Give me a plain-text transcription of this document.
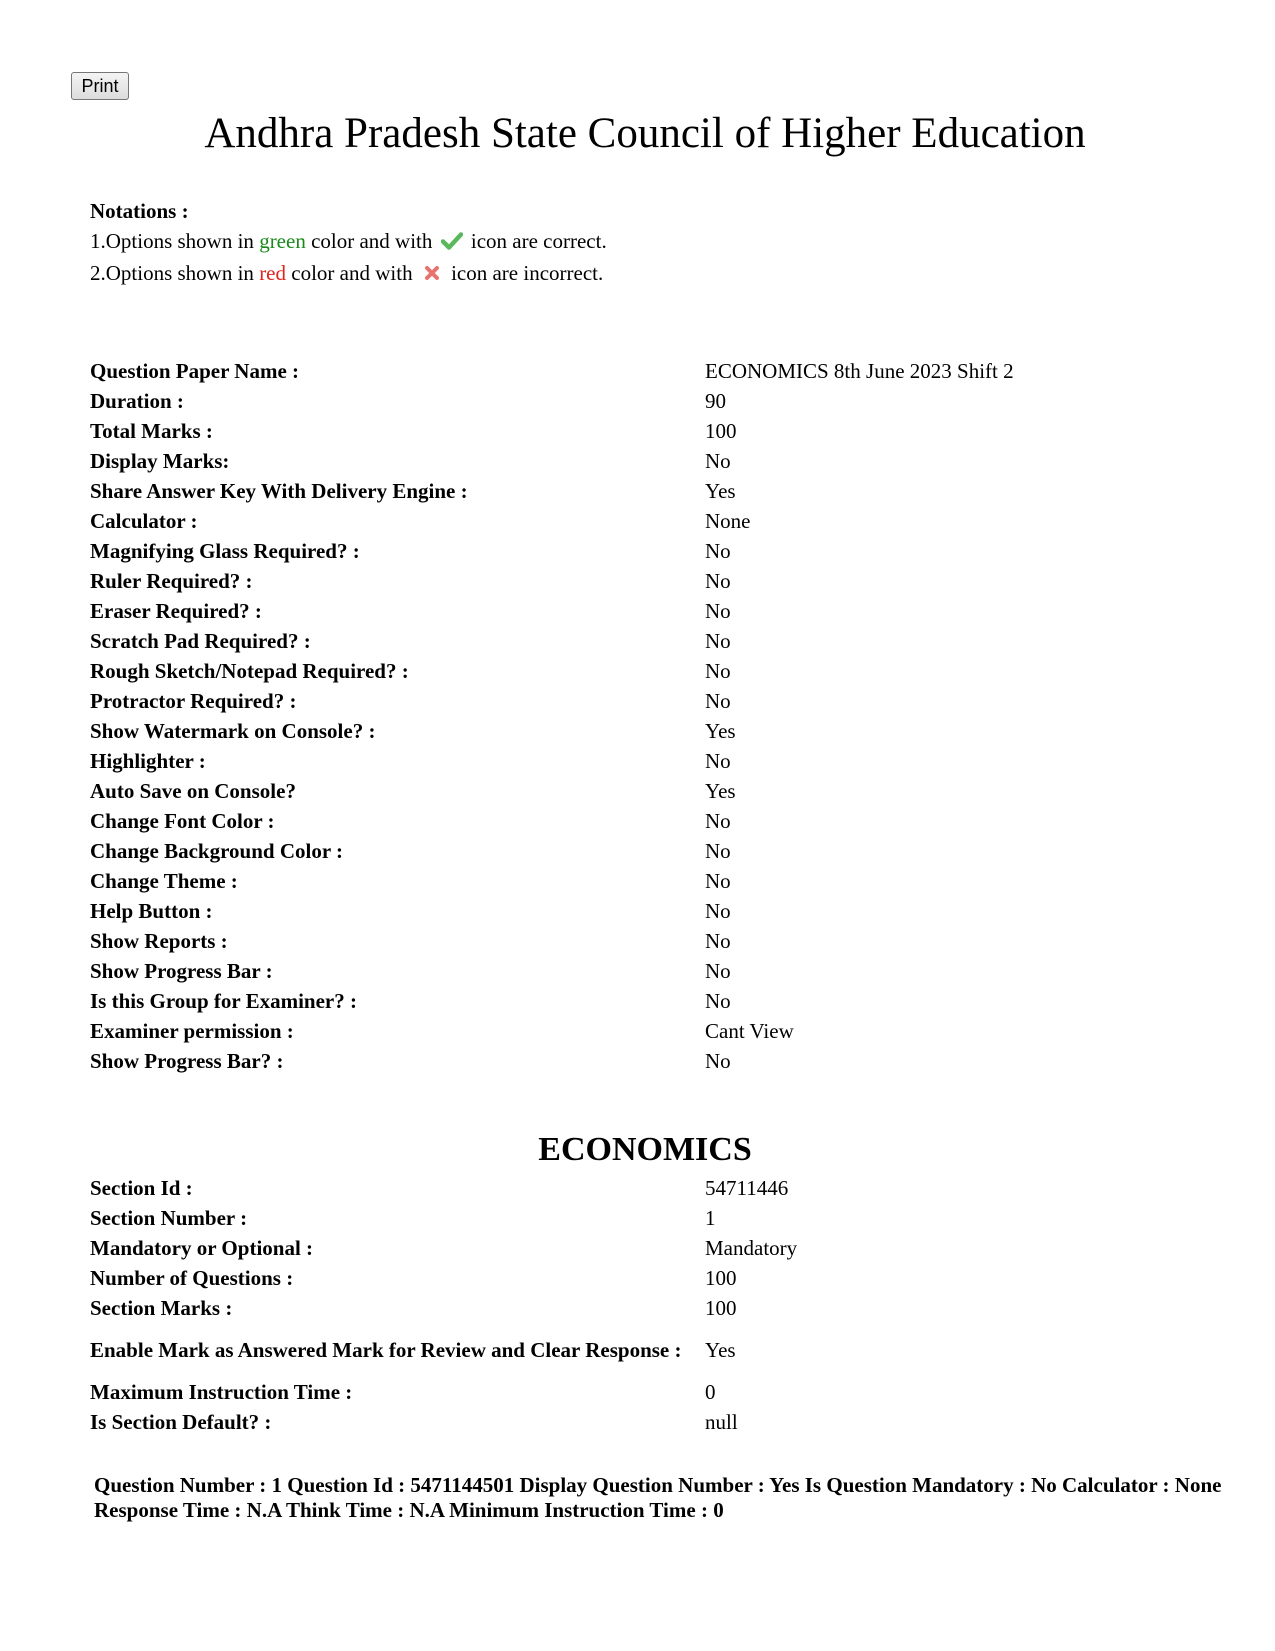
Print
Andhra Pradesh State Council of Higher Education
Notations :
1.Options shown in green color and with  icon are correct.
2.Options shown in red color and with  icon are incorrect.
Question Paper Name :	ECONOMICS 8th June 2023 Shift 2
Duration :	90
Total Marks :	100
Display Marks:	No
Share Answer Key With Delivery Engine :	Yes
Calculator :	None
Magnifying Glass Required? :	No
Ruler Required? :	No
Eraser Required? :	No
Scratch Pad Required? :	No
Rough Sketch/Notepad Required? :	No
Protractor Required? :	No
Show Watermark on Console? :	Yes
Highlighter :	No
Auto Save on Console?	Yes
Change Font Color :	No
Change Background Color :	No
Change Theme :	No
Help Button :	No
Show Reports :	No
Show Progress Bar :	No
Is this Group for Examiner? :	No
Examiner permission :	Cant View
Show Progress Bar? :	No
ECONOMICS
Section Id :	54711446
Section Number :	1
Mandatory or Optional :	Mandatory
Number of Questions :	100
Section Marks :	100
Enable Mark as Answered Mark for Review and Clear Response :	Yes
Maximum Instruction Time :	0
Is Section Default? :	null
Question Number : 1 Question Id : 5471144501 Display Question Number : Yes Is Question Mandatory : No Calculator : None Response Time : N.A Think Time : N.A Minimum Instruction Time : 0
